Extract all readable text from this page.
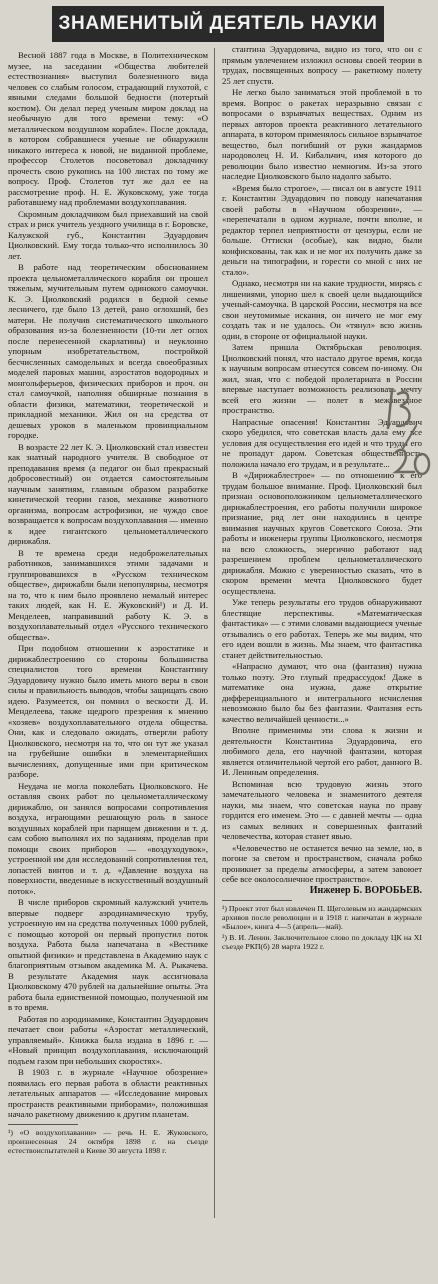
ЗНАМЕНИТЫЙ ДЕЯТЕЛЬ НАУКИ

Весной 1887 года в Москве, в Политехническом музее, на заседании «Общества любителей естествознания» выступил болезненного вида человек со слабым голосом, страдающий глухотой, с явными следами большой бедности (потертый костюм). Он делал перед ученым миром доклад на необычную для того времени тему: «О металлическом воздушном корабле». После доклада, в котором собравшиеся ученые не обнаружили никакого интереса к новой, не виданной проблеме, профессор Столетов посоветовал докладчику прочесть свою рукопись на 100 листах по тому же вопросу. Проф. Столетов тут же дал ее на рассмотрение проф. Н. Е. Жуковскому, уже тогда работавшему над проблемами воздухоплавания.

Скромным докладчиком был приехавший на свой страх и риск учитель уездного училища в г. Боровске, Калужской губ., Константин Эдуардович Циолковский. Ему тогда только-что исполнилось 30 лет.

В работе над теоретическим обоснованием проекта цельнометаллического корабля он прошел тяжелым, мучительным путем одинокого самоучки. К. Э. Циолковский родился в бедной семье лесничего, где было 13 детей, рано оглохший, без матери. Не получив систематического школьного образования из-за болезненности (10-ти лет оглох после перенесенной скарлатины) и неуклонно упорным изобретательством, постройкой бесчисленных самодельных и всегда своеобразных моделей паровых машин, аэростатов водородных и монгольферьеров, физических приборов и проч. он стал самоучкой, наполняя обширные познания в области физики, математики, теоретической и прикладной механики. Жил он на средства от дешевых уроков в маленьком провинциальном городке.

В возрасте 22 лет К. Э. Циолковский стал известен как знатный народного учителя. В свободное от преподавания время (а педагог он был прекрасный добросовестный) он отдается самостоятельным научным занятиям, главным образом разработке кинетической теории газов, механике животного организма, вопросам астрофизики, не чуждо свое возвращается к вопросам воздухоплавания — именно к идее гигантского цельнометаллического дирижабля.

В те времена среди недоброжелательных работников, занимавшихся этими задачами и группировавшихся в «Русском техническом обществе», дирижабли были непопулярны, несмотря на то, что к ним было проявлено немалый интерес таких людей, как Н. Е. Жуковский¹) и Д. И. Менделеев, направивший работу К. Э. в воздухоплавательный отдел «Русского технического общества».

При подобном отношении к аэростатике и дирижаблестроению со стороны большинства специалистов того времени Константину Эдуардовичу нужно было иметь много веры в свои силы и правильность выводов, чтобы защищать свою идею. Разумеется, он помнил о вескости Д. И. Менделеева, также щедрого презрения к мнению «хозяев» воздухоплавательного отдела общества. Они, как и следовало ожидать, отвергли работу Циолковского, несмотря на то, что он тут же указал на грубейшие ошибки в элементарнейших вычислениях, допущенные ими при критическом разборе.

Неудача не могла поколебать Циолковского. Не оставляя своих работ по цельнометаллическому дирижаблю, он занялся вопросами сопротивления воздуха, играющими решающую роль в заносе воздушных кораблей при парящем движении и т. д. сам собою выполнял их по заданиям, проделав при помощи своих приборов — «воздуходувок», устроенной им для исследований сопротивления тел, лопастей винтов и т. д. «Давление воздуха на поверхности, введенные в искусственный воздушный поток».

В числе приборов скромный калужский учитель впервые подверг аэродинамическую трубу, устроенную им на средства полученных 1000 рублей, с помощью которой он первый пропустил поток воздуха. Работа была напечатана в «Вестнике опытной физики» и представлена в Академию наук с благоприятным отзывом академика М. А. Рыкачева. В результате Академия наук ассигновала Циолковскому 470 рублей на дальнейшие опыты. Эта работа была единственной помощью, полученной им в то время.

Работая по аэродинамике, Константин Эдуардович печатает свои работы «Аэростат металлический, управляемый». Книжка была издана в 1896 г. — «Новый принцип воздухоплавания, исключающий подъем газом при небольших скоростях».

В 1903 г. в журнале «Научное обозрение» появилась его первая работа в области реактивных летательных аппаратов — «Исследование мировых пространств реактивными приборами», положившая начало ракетному движению к другим планетам.

¹) «О воздухоплавании» — речь Н. Е. Жуковского, произнесенная 24 октября 1898 г. на съезде естествоиспытателей в Киеве 30 августа 1898 г.

стантина Эдуардовича, видно из того, что он с прямым увлечением изложил основы своей теории в трудах, посвященных вопросу — ракетному полету 25 лет спустя.

Не легко было заниматься этой проблемой в то время. Вопрос о ракетах неразрывно связан с вопросами о взрывчатых веществах. Одним из первых авторов проекта реактивного летательного аппарата, в котором применялось сильное взрывчатое вещество, был погибший от руки жандармов народоволец Н. И. Кибальчич, имя которого до революции было известно немногим. Из-за этого наследие Циолковского было надолго забыто.

«Время было строгое», — писал он в августе 1911 г. Константин Эдуардович по поводу напечатания своей работы в «Научном обозрении», — «перепечатали в одном журнале, почти вполне, и редактор терпел неприятности от цензуры, если не больше. Оттиски (особые), как видно, были конфискованы, так как и не мог их получить даже за деньги на типографии, и горести со мной с них не стало».

Однако, несмотря ни на какие трудности, мирясь с лишениями, упорно шел к своей цели выдающийся ученый-самоучка. В царской России, несмотря на все свои неутомимые искания, он ничего не мог ему создать так и не удалось. Он «тянул» всю жизнь один, в стороне от официальной науки.

Затем пришла Октябрьская революция. Циолковский понял, что настало другое время, когда к научным вопросам отнесутся совсем по-иному. Он жил, зная, что с победой пролетариата в России впервые наступает возможность реализовать мечту всей его жизни — полет в межзвездное пространство.

Напрасные опасения! Константин Эдуардович скоро убедился, что советская власть дала ему все условия для осуществления его идей и что труды его не пропадут даром. Советская общественность положила начало его трудам, и в результате...

В «Дирижаблестрое» — по отношению к его трудам большое внимание. Проф. Циолковский был признан основоположником цельнометаллического дирижаблестроения, его работы получили широкое признание, ряд лет они находились в центре внимания научных кругов Советского Союза. Эти работы и инженеры группы Циолковского, несмотря на всю сложность, энергично работают над разрешением проблем цельнометаллического дирижабля. Можно с уверенностью сказать, что в скором времени мечта Циолковского будет осуществлена.

Уже теперь результаты его трудов обнаруживают блестящие перспективы. «Математическая фантастика» — с этими словами выдающиеся ученые отзывались о его работах. Теперь же мы видим, что его идеи вошли в жизнь. Мы знаем, что фантастика станет действительностью.

«Напрасно думают, что она (фантазия) нужна только поэту. Это глупый предрассудок! Даже в математике она нужна, даже открытие дифференциального и интегрального исчисления невозможно было бы без фантазии. Фантазия есть качество величайшей ценности...»

Вполне применимы эти слова к жизни и деятельности Константина Эдуардовича, его любимого дела, его научной фантазии, которая является отличительной чертой его работ, данного В. И. Лениным определения.

Вспоминая всю трудовую жизнь этого замечательного человека и знаменитого деятеля науки, мы знаем, что советская наука по праву гордится его именем. Это — с давней мечты — одна из самых великих и совершенных фантазий человечества, которая станет явью.

«Человечество не останется вечно на земле, но, в погоне за светом и пространством, сначала робко проникнет за пределы атмосферы, а затем завоюет себе все околосолнечное пространство».

Инженер Б. ВОРОБЬЕВ.

¹) Проект этот был извлечен П. Щеголевым из жандармских архивов после революции и в 1918 г. напечатан в журнале «Былое», книга 4—5 (апрель—май).

²) В. И. Ленин. Заключительное слово по докладу ЦК на XI съезде РКП(б) 28 марта 1922 г.
